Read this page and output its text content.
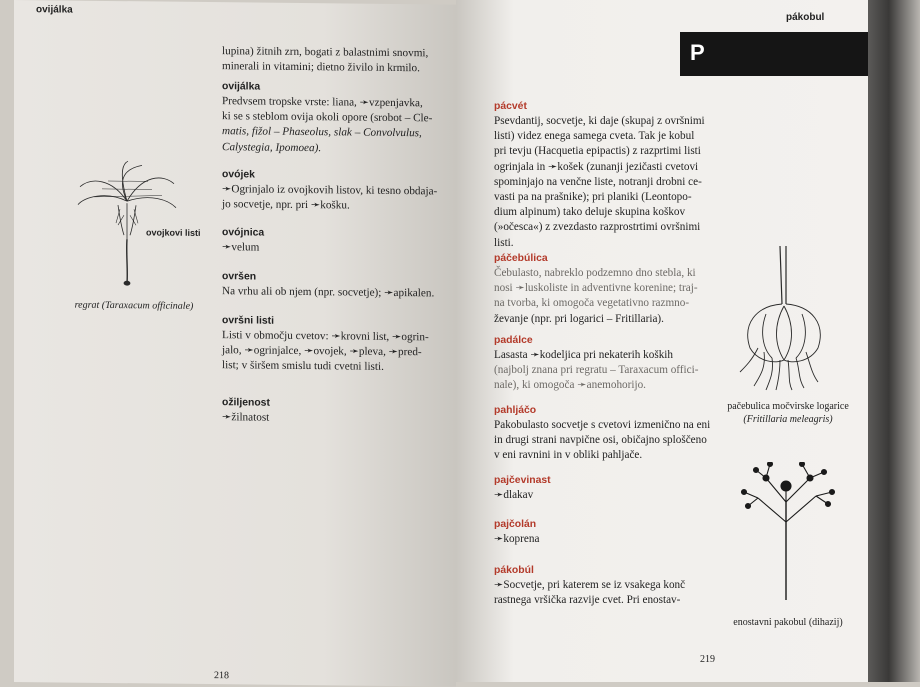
ovijálka
lupina) žitnih zrn, bogati z balastnimi snovmi,
minerali in vitamini; dietno živilo in krmilo.
ovijálka
Predvsem tropske vrste: liana, ➛vzpenjavka,
ki se s steblom ovija okoli opore (srobot – Cle-
matis, fižol – Phaseolus, slak – Convolvulus,
Calystegia, Ipomoea).
ovójek
➛Ogrinjalo iz ovojkovih listov, ki tesno obdaja-
jo socvetje, npr. pri ➛košku.
ovójnica
➛velum
ovršen
Na vrhu ali ob njem (npr. socvetje); ➛apikalen.
ovršni listi
Listi v območju cvetov: ➛krovni list, ➛ogrin-
jalo, ➛ogrinjalce, ➛ovojek, ➛pleva, ➛pred-
list; v širšem smislu tudi cvetni listi.
ožiljenost
➛žilnatost
ovojkovi listi
regrat (Taraxacum officinale)
218
pákobul
P
pácvét
Psevdantij, socvetje, ki daje (skupaj z ovršnimi
listi) videz enega samega cveta. Tak je kobul
pri tevju (Hacquetia epipactis) z razprtimi listi
ogrinjala in ➛košek (zunanji jezičasti cvetovi
spominjajo na venčne liste, notranji drobni ce-
vasti pa na prašnike); pri planiki (Leontopo-
dium alpinum) tako deluje skupina koškov
(»očesca«) z zvezdasto razprostrtimi ovršnimi
listi.
páčebúlica
Čebulasto, nabreklo podzemno dno stebla, ki
nosi ➛luskoliste in adventivne korenine; traj-
na tvorba, ki omogoča vegetativno razmno-
ževanje (npr. pri logarici – Fritillaria).
padálce
Lasasta ➛kodeljica pri nekaterih koških
(najbolj znana pri regratu – Taraxacum offici-
nale), ki omogoča ➛anemohorijo.
pahljáčo
Pakobulasto socvetje s cvetovi izmenično na eni
in drugi strani navpične osi, običajno sploščeno
v eni ravnini in v obliki pahljače.
pajčevinast
➛dlakav
pajčolán
➛koprena
pákobúl
➛Socvetje, pri katerem se iz vsakega konč
rastnega vršička razvije cvet. Pri enostav-
pačebulica močvirske logarice
(Fritillaria meleagris)
enostavni pakobul (dihazij)
219
